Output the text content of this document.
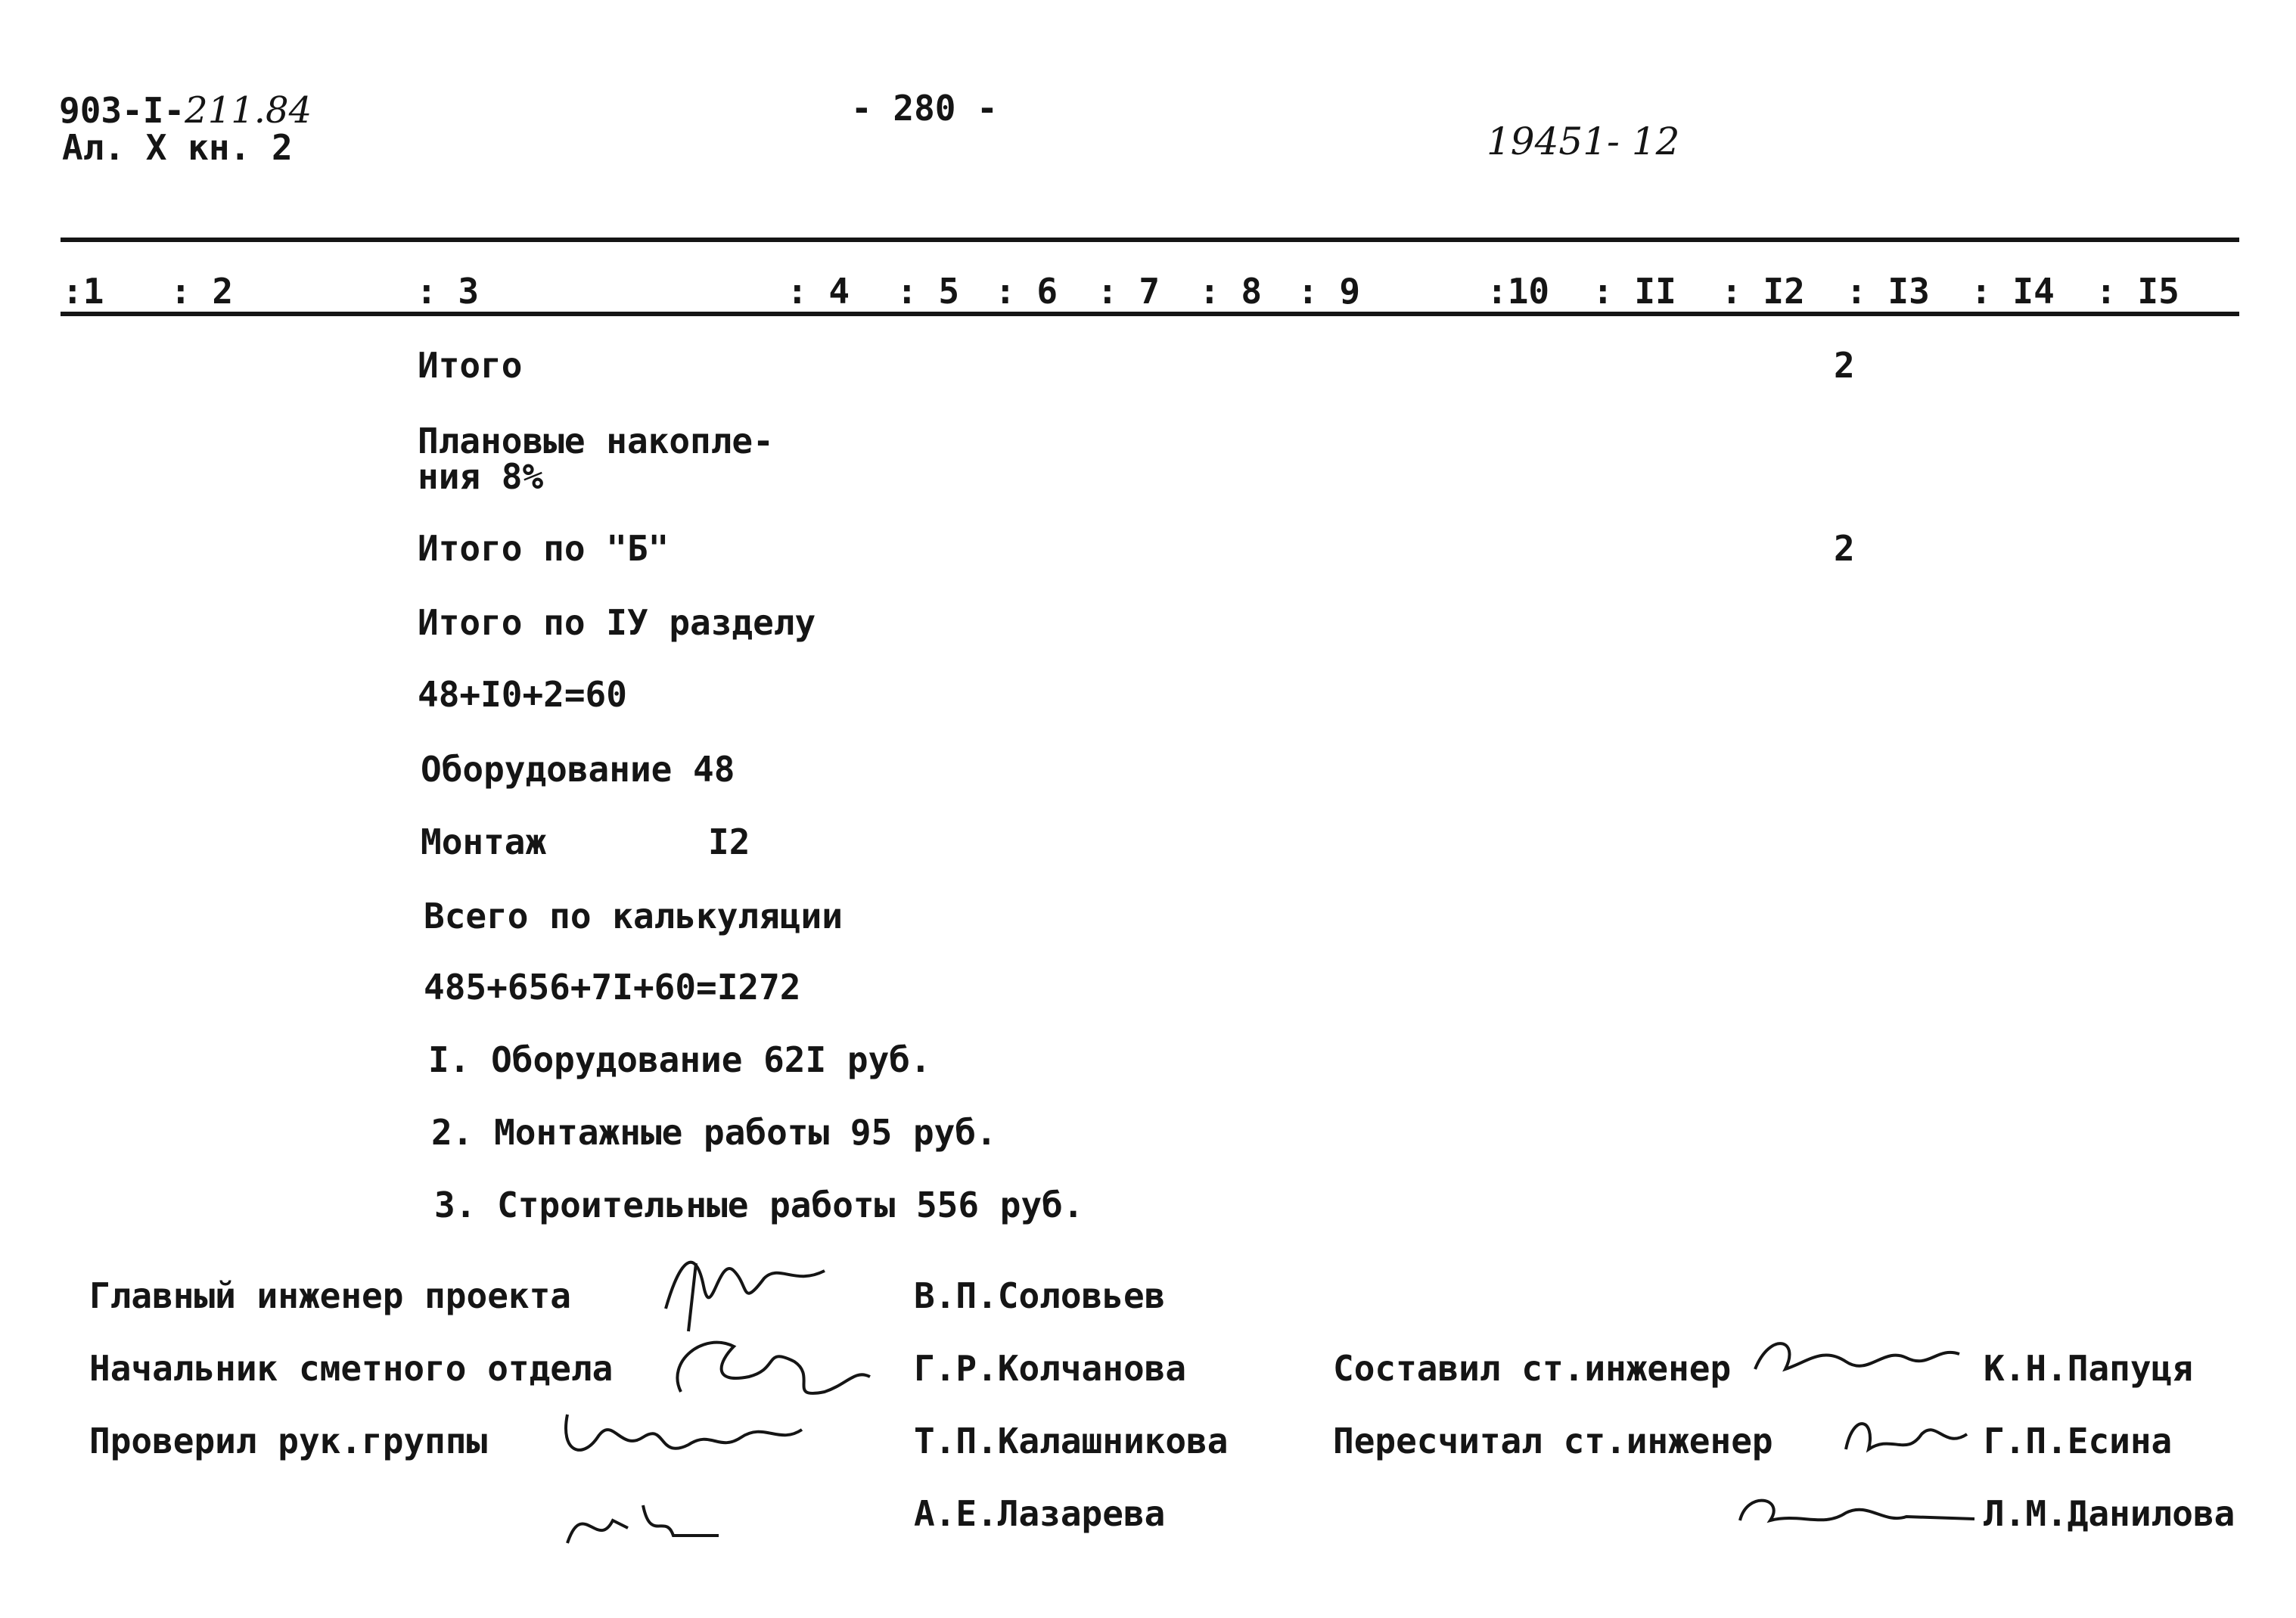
903-I-211.84
Ал. X кн. 2
- 280 -
19451- 12
:1 : 2	: 3	: 4 : 5 : 6 : 7 : 8 : 9	:10 : II : I2 : I3 : I4 : I5
Итого	2
Плановые накопле-
ния 8%
Итого по "Б"	2
Итого по IУ разделу
48+I0+2=60
Оборудование 48
Монтаж	I2
Всего по калькуляции
485+656+7I+60=I272
I. Оборудование 62I руб.
2. Монтажные работы 95 руб.
3. Строительные работы 556 руб.
Главный инженер проекта	В.П.Соловьев
Начальник сметного отдела	Г.Р.Колчанова
Проверил рук.группы	Т.П.Калашникова
А.Е.Лазарева
Составил ст.инженер	К.Н.Папуця
Пересчитал ст.инженер	Г.П.Есина
Л.М.Данилова
